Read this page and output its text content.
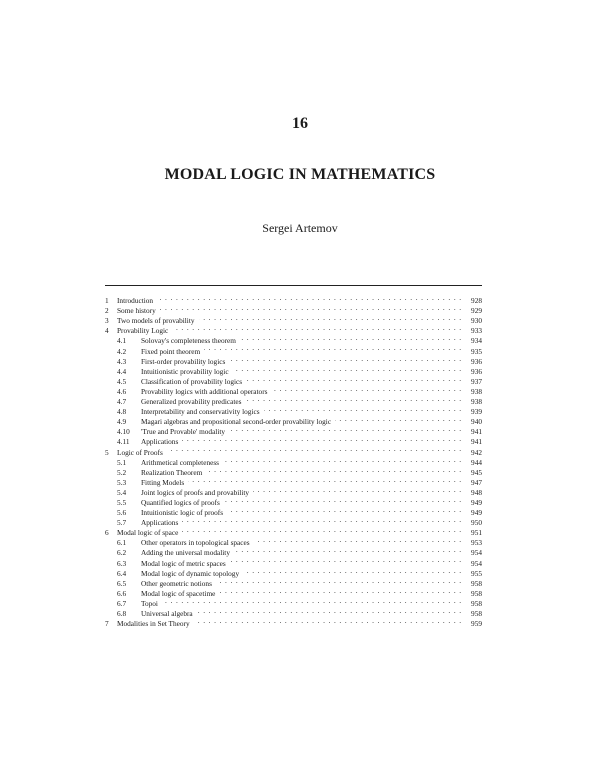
16
MODAL LOGIC IN MATHEMATICS
Sergei Artemov
1	Introduction . . .	928
2	Some history . . .	929
3	Two models of provability . . .	930
4	Provability Logic . . .	933
4.1	Solovay's completeness theorem . . .	934
4.2	Fixed point theorem . . .	935
4.3	First-order provability logics . . .	936
4.4	Intuitionistic provability logic . . .	936
4.5	Classification of provability logics . . .	937
4.6	Provability logics with additional operators . . .	938
4.7	Generalized provability predicates . . .	938
4.8	Interpretability and conservativity logics . . .	939
4.9	Magari algebras and propositional second-order provability logic . . .	940
4.10	'True and Provable' modality . . .	941
4.11	Applications . . .	941
5	Logic of Proofs . . .	942
5.1	Arithmetical completeness . . .	944
5.2	Realization Theorem . . .	945
5.3	Fitting Models . . .	947
5.4	Joint logics of proofs and provability . . .	948
5.5	Quantified logics of proofs . . .	949
5.6	Intuitionistic logic of proofs . . .	949
5.7	Applications . . .	950
6	Modal logic of space . . .	951
6.1	Other operators in topological spaces . . .	953
6.2	Adding the universal modality . . .	954
6.3	Modal logic of metric spaces . . .	954
6.4	Modal logic of dynamic topology . . .	955
6.5	Other geometric notions . . .	958
6.6	Modal logic of spacetime . . .	958
6.7	Topoi . . .	958
6.8	Universal algebra . . .	958
7	Modalities in Set Theory . . .	959
